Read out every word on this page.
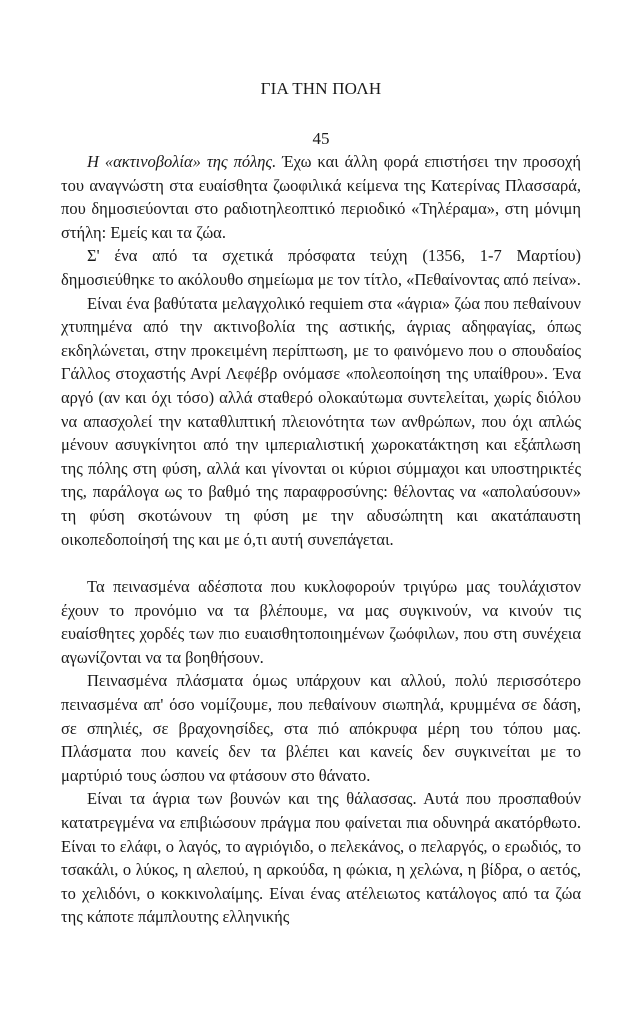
ΓΙΑ ΤΗΝ ΠΟΛΗ
45

Η «ακτινοβολία» της πόλης. Έχω και άλλη φορά επιστήσει την προσοχή του αναγνώστη στα ευαίσθητα ζωοφιλικά κείμενα της Κατερίνας Πλασσαρά, που δημοσιεύονται στο ραδιοτηλεοπτικό περιοδικό «Τηλέραμα», στη μόνιμη στήλη: Εμείς και τα ζώα.

Σ' ένα από τα σχετικά πρόσφατα τεύχη (1356, 1-7 Μαρτίου) δημοσιεύθηκε το ακόλουθο σημείωμα με τον τίτλο, «Πεθαίνοντας από πείνα».

Είναι ένα βαθύτατα μελαγχολικό requiem στα «άγρια» ζώα που πεθαίνουν χτυπημένα από την ακτινοβολία της αστικής, άγριας αδηφαγίας, όπως εκδηλώνεται, στην προκειμένη περίπτωση, με το φαινόμενο που ο σπουδαίος Γάλλος στοχαστής Ανρί Λεφέβρ ονόμασε «πολεοποίηση της υπαίθρου». Ένα αργό (αν και όχι τόσο) αλλά σταθερό ολοκαύτωμα συντελείται, χωρίς διόλου να απασχολεί την καταθλιπτική πλειονότητα των ανθρώπων, που όχι απλώς μένουν ασυγκίνητοι από την ιμπεριαλιστική χωροκατάκτηση και εξάπλωση της πόλης στη φύση, αλλά και γίνονται οι κύριοι σύμμαχοι και υποστηρικτές της, παράλογα ως το βαθμό της παραφροσύνης: θέλοντας να «απολαύσουν» τη φύση σκοτώνουν τη φύση με την αδυσώπητη και ακατάπαυστη οικοπεδοποίησή της και με ό,τι αυτή συνεπάγεται.

Τα πεινασμένα αδέσποτα που κυκλοφορούν τριγύρω μας τουλάχιστον έχουν το προνόμιο να τα βλέπουμε, να μας συγκινούν, να κινούν τις ευαίσθητες χορδές των πιο ευαισθητοποιημένων ζωόφιλων, που στη συνέχεια αγωνίζονται να τα βοηθήσουν.

Πεινασμένα πλάσματα όμως υπάρχουν και αλλού, πολύ περισσότερο πεινασμένα απ' όσο νομίζουμε, που πεθαίνουν σιωπηλά, κρυμμένα σε δάση, σε σπηλιές, σε βραχονησίδες, στα πιό απόκρυφα μέρη του τόπου μας. Πλάσματα που κανείς δεν τα βλέπει και κανείς δεν συγκινείται με το μαρτύριό τους ώσπου να φτάσουν στο θάνατο.

Είναι τα άγρια των βουνών και της θάλασσας. Αυτά που προσπαθούν κατατρεγμένα να επιβιώσουν πράγμα που φαίνεται πια οδυνηρά ακατόρθωτο. Είναι το ελάφι, ο λαγός, το αγριόγιδο, ο πελεκάνος, ο πελαργός, ο ερωδιός, το τσακάλι, ο λύκος, η αλεπού, η αρκούδα, η φώκια, η χελώνα, η βίδρα, ο αετός, το χελιδόνι, ο κοκκινολαίμης. Είναι ένας ατέλειωτος κατάλογος από τα ζώα της κάποτε πάμπλουτης ελληνικής
